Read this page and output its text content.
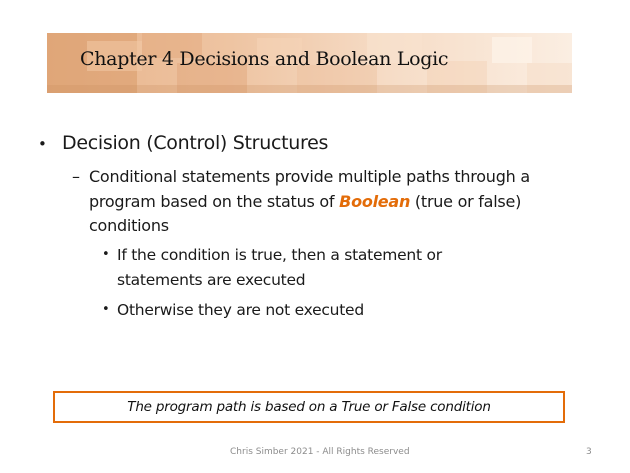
Chapter 4 Decisions and Boolean Logic
• Decision (Control) Structures
– Conditional statements provide multiple paths through a
program based on the status of Boolean (true or false)
conditions
• If the condition is true, then a statement or
statements are executed
• Otherwise they are not executed
The program path is based on a True or False condition
Chris Simber 2021 - All Rights Reserved	3
